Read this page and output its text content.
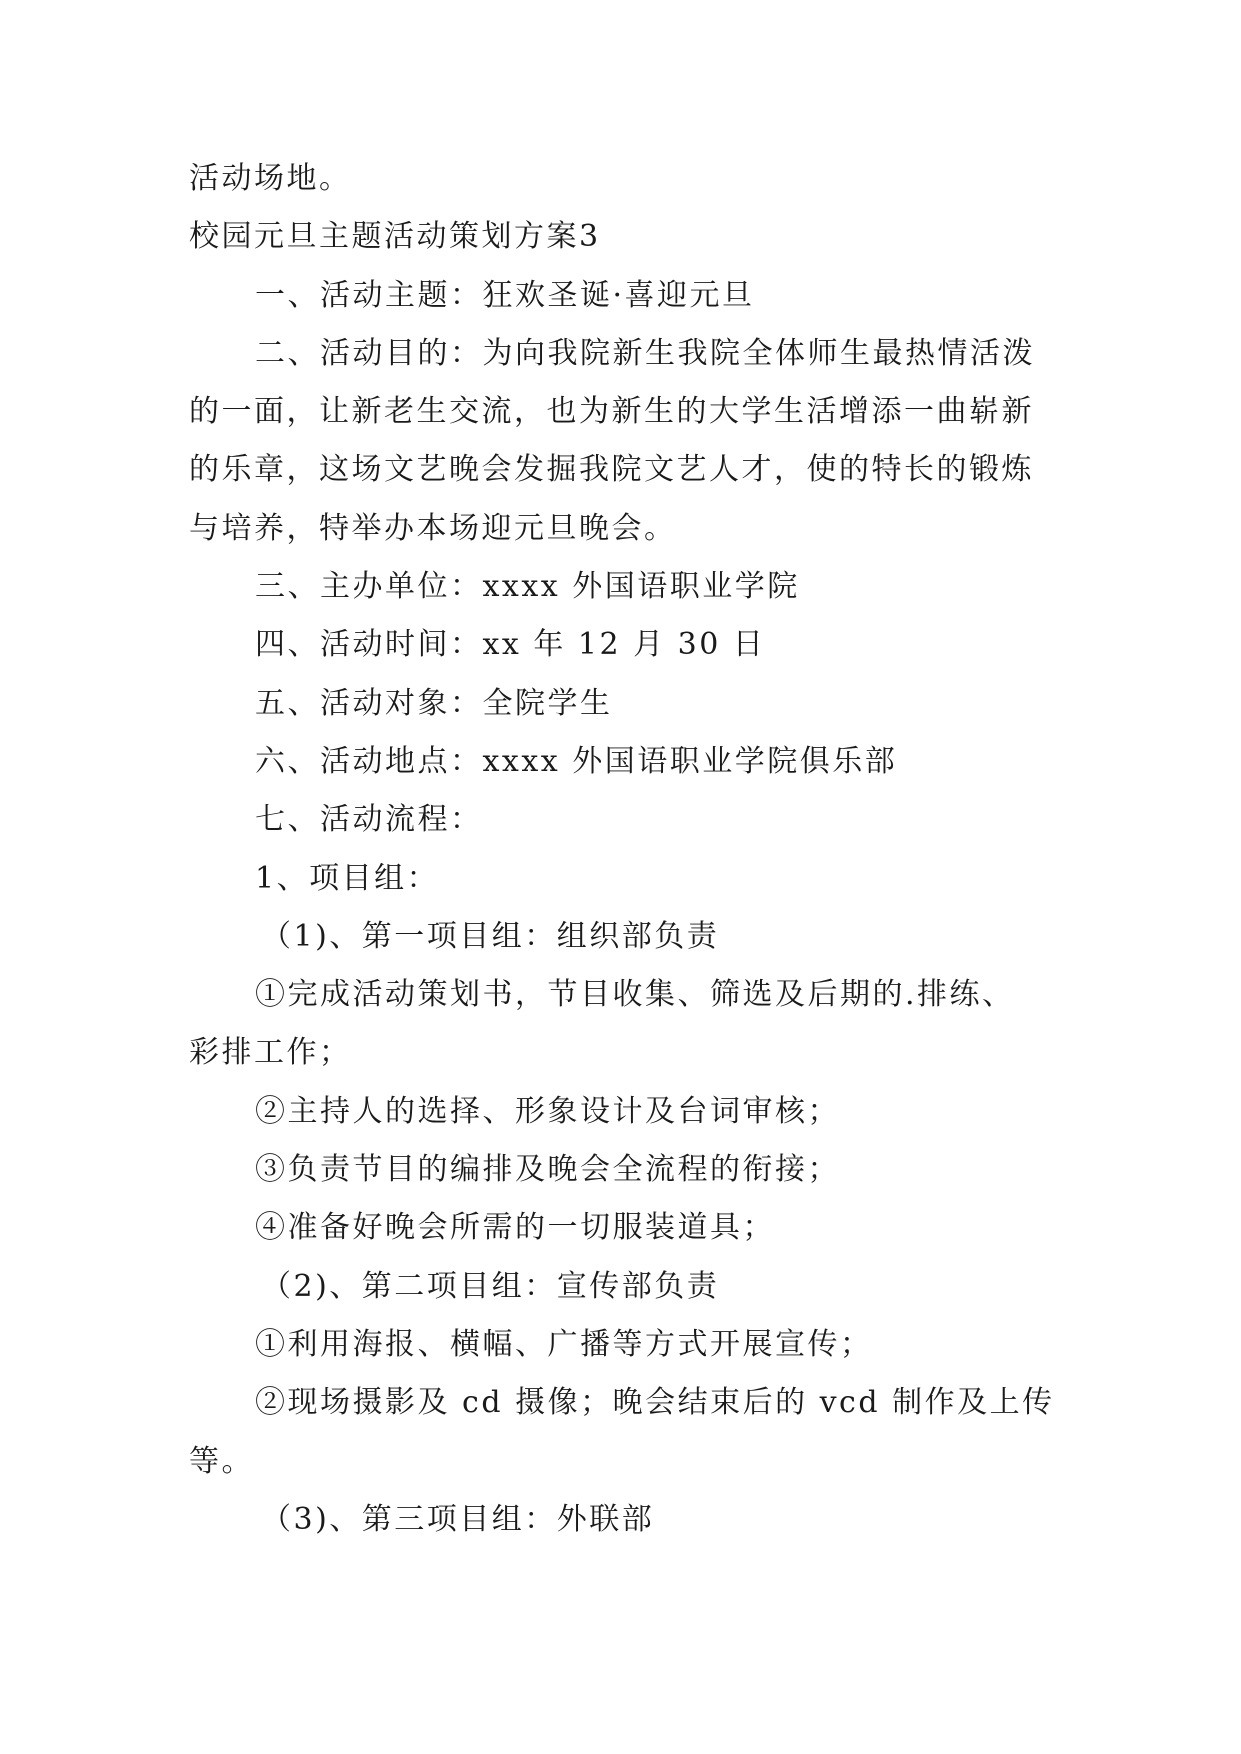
活动场地。
校园元旦主题活动策划方案3
一、活动主题：狂欢圣诞·喜迎元旦
二、活动目的：为向我院新生我院全体师生最热情活泼
的一面，让新老生交流，也为新生的大学生活增添一曲崭新
的乐章，这场文艺晚会发掘我院文艺人才，使的特长的锻炼
与培养，特举办本场迎元旦晚会。
三、主办单位：xxxx 外国语职业学院
四、活动时间：xx 年 12 月 30 日
五、活动对象：全院学生
六、活动地点：xxxx 外国语职业学院俱乐部
七、活动流程：
1、项目组：
（1)、第一项目组：组织部负责
①完成活动策划书，节目收集、筛选及后期的.排练、
彩排工作；
②主持人的选择、形象设计及台词审核；
③负责节目的编排及晚会全流程的衔接；
④准备好晚会所需的一切服装道具；
（2)、第二项目组：宣传部负责
①利用海报、横幅、广播等方式开展宣传；
②现场摄影及 cd 摄像；晚会结束后的 vcd 制作及上传
等。
（3)、第三项目组：外联部
